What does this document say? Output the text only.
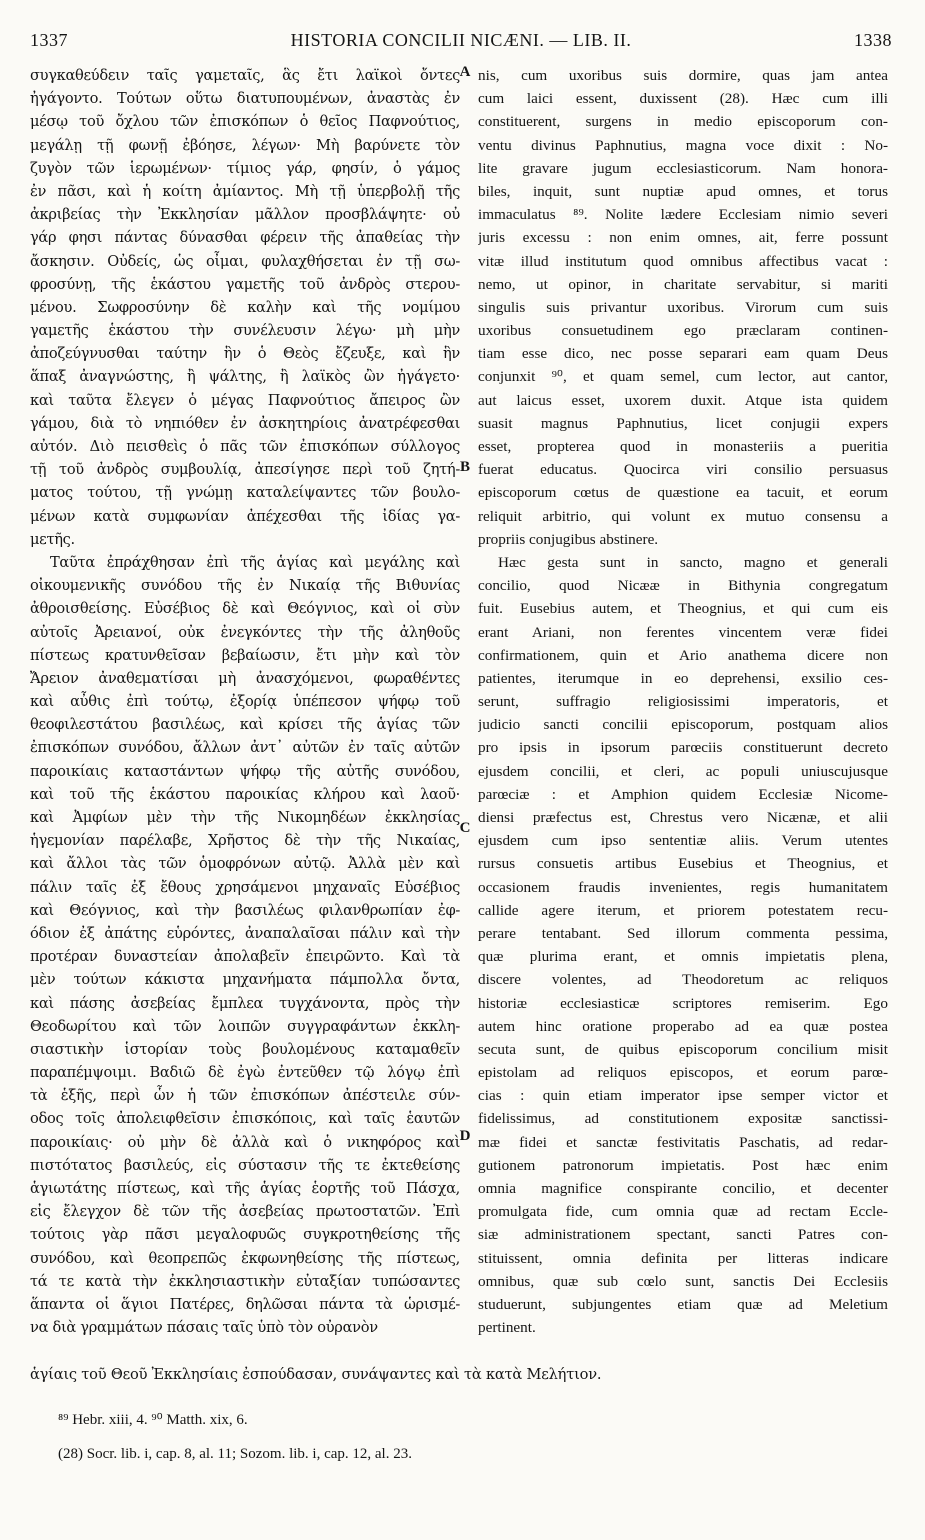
1337	HISTORIA CONCILII NICÆNI. — LIB. II.	1338
συγκαθεύδειν ταῖς γαμεταῖς, ἃς ἔτι λαϊκοὶ ὄντες
ἠγάγοντο. Τούτων οὕτω διατυπουμένων, ἀναστὰς ἐν
μέσῳ τοῦ ὄχλου τῶν ἐπισκόπων ὁ θεῖος Παφνούτιος,
μεγάλῃ τῇ φωνῇ ἐβόησε, λέγων· Μὴ βαρύνετε τὸν
ζυγὸν τῶν ἱερωμένων· τίμιος γάρ, φησίν, ὁ γάμος
ἐν πᾶσι, καὶ ἡ κοίτη ἀμίαντος. Μὴ τῇ ὑπερβολῇ τῆς
ἀκριβείας τὴν Ἐκκλησίαν μᾶλλον προσβλάψητε· οὐ
γάρ φησι πάντας δύνασθαι φέρειν τῆς ἀπαθείας τὴν
ἄσκησιν. Οὐδείς, ὡς οἶμαι, φυλαχθήσεται ἐν τῇ σω-
φροσύνῃ, τῆς ἑκάστου γαμετῆς τοῦ ἀνδρὸς στερου-
μένου. Σωφροσύνην δὲ καλὴν καὶ τῆς νομίμου
γαμετῆς ἑκάστου τὴν συνέλευσιν λέγω· μὴ μὴν
ἀποζεύγνυσθαι ταύτην ἣν ὁ Θεὸς ἔζευξε, καὶ ἣν
ἅπαξ ἀναγνώστης, ἢ ψάλτης, ἢ λαϊκὸς ὢν ἠγάγετο·
καὶ ταῦτα ἔλεγεν ὁ μέγας Παφνούτιος ἄπειρος ὢν
γάμου, διὰ τὸ νηπιόθεν ἐν ἀσκητηρίοις ἀνατρέφεσθαι
αὐτόν. Διὸ πεισθεὶς ὁ πᾶς τῶν ἐπισκόπων σύλλογος
τῇ τοῦ ἀνδρὸς συμβουλίᾳ, ἀπεσίγησε περὶ τοῦ ζητή-
ματος τούτου, τῇ γνώμῃ καταλείψαντες τῶν βουλο-
μένων κατὰ συμφωνίαν ἀπέχεσθαι τῆς ἰδίας γα-
μετῆς.
Ταῦτα ἐπράχθησαν ἐπὶ τῆς ἁγίας καὶ μεγάλης καὶ
οἰκουμενικῆς συνόδου τῆς ἐν Νικαίᾳ τῆς Βιθυνίας
ἀθροισθείσης. Εὐσέβιος δὲ καὶ Θεόγνιος, καὶ οἱ σὺν
αὐτοῖς Ἀρειανοί, οὐκ ἐνεγκόντες τὴν τῆς ἀληθοῦς
πίστεως κρατυνθεῖσαν βεβαίωσιν, ἔτι μὴν καὶ τὸν
Ἄρειον ἀναθεματίσαι μὴ ἀνασχόμενοι, φωραθέντες
καὶ αὖθις ἐπὶ τούτῳ, ἐξορίᾳ ὑπέπεσον ψήφῳ τοῦ
θεοφιλεστάτου βασιλέως, καὶ κρίσει τῆς ἁγίας τῶν
ἐπισκόπων συνόδου, ἄλλων ἀντ᾽ αὐτῶν ἐν ταῖς αὐτῶν
παροικίαις καταστάντων ψήφῳ τῆς αὐτῆς συνόδου,
καὶ τοῦ τῆς ἑκάστου παροικίας κλήρου καὶ λαοῦ·
καὶ Ἀμφίων μὲν τὴν τῆς Νικομηδέων ἐκκλησίας
ἡγεμονίαν παρέλαβε, Χρῆστος δὲ τὴν τῆς Νικαίας,
καὶ ἄλλοι τὰς τῶν ὁμοφρόνων αὐτῷ. Ἀλλὰ μὲν καὶ
πάλιν ταῖς ἐξ ἔθους χρησάμενοι μηχαναῖς Εὐσέβιος
καὶ Θεόγνιος, καὶ τὴν βασιλέως φιλανθρωπίαν ἐφ-
όδιον ἐξ ἀπάτης εὑρόντες, ἀναπαλαῖσαι πάλιν καὶ τὴν
προτέραν δυναστείαν ἀπολαβεῖν ἐπειρῶντο. Καὶ τὰ
μὲν τούτων κάκιστα μηχανήματα πάμπολλα ὄντα,
καὶ πάσης ἀσεβείας ἔμπλεα τυγχάνοντα, πρὸς τὴν
Θεοδωρίτου καὶ τῶν λοιπῶν συγγραφάντων ἐκκλη-
σιαστικὴν ἱστορίαν τοὺς βουλομένους καταμαθεῖν
παραπέμψοιμι. Βαδιῶ δὲ ἐγὼ ἐντεῦθεν τῷ λόγῳ ἐπὶ
τὰ ἑξῆς, περὶ ὧν ἡ τῶν ἐπισκόπων ἀπέστειλε σύν-
οδος τοῖς ἀπολειφθεῖσιν ἐπισκόποις, καὶ ταῖς ἑαυτῶν
παροικίαις· οὐ μὴν δὲ ἀλλὰ καὶ ὁ νικηφόρος καὶ
πιστότατος βασιλεύς, εἰς σύστασιν τῆς τε ἐκτεθείσης
ἁγιωτάτης πίστεως, καὶ τῆς ἁγίας ἑορτῆς τοῦ Πάσχα,
εἰς ἔλεγχον δὲ τῶν τῆς ἀσεβείας πρωτοστατῶν. Ἐπὶ
τούτοις γὰρ πᾶσι μεγαλοφυῶς συγκροτηθείσης τῆς
συνόδου, καὶ θεοπρεπῶς ἐκφωνηθείσης τῆς πίστεως,
τά τε κατὰ τὴν ἐκκλησιαστικὴν εὐταξίαν τυπώσαντες
ἅπαντα οἱ ἅγιοι Πατέρες, δηλῶσαι πάντα τὰ ὡρισμέ-
να διὰ γραμμάτων πάσαις ταῖς ὑπὸ τὸν οὐρανὸν
nis, cum uxoribus suis dormire, quas jam antea
cum laici essent, duxissent (28). Hæc cum illi
constituerent, surgens in medio episcoporum con-
ventu divinus Paphnutius, magna voce dixit : No-
lite gravare jugum ecclesiasticorum. Nam honora-
biles, inquit, sunt nuptiæ apud omnes, et torus
immaculatus ⁸⁹. Nolite lædere Ecclesiam nimio severi
juris excessu : non enim omnes, ait, ferre possunt
vitæ illud institutum quod omnibus affectibus vacat :
nemo, ut opinor, in charitate servabitur, si mariti
singulis suis privantur uxoribus. Virorum cum suis
uxoribus consuetudinem ego præclaram continen-
tiam esse dico, nec posse separari eam quam Deus
conjunxit ⁹⁰, et quam semel, cum lector, aut cantor,
aut laicus esset, uxorem duxit. Atque ista quidem
suasit magnus Paphnutius, licet conjugii expers
esset, propterea quod in monasteriis a pueritia
fuerat educatus. Quocirca viri consilio persuasus
episcoporum cœtus de quæstione ea tacuit, et eorum
reliquit arbitrio, qui volunt ex mutuo consensu a
propriis conjugibus abstinere.
Hæc gesta sunt in sancto, magno et generali
concilio, quod Nicææ in Bithynia congregatum
fuit. Eusebius autem, et Theognius, et qui cum eis
erant Ariani, non ferentes vincentem veræ fidei
confirmationem, quin et Ario anathema dicere non
patientes, iterumque in eo deprehensi, exsilio ces-
serunt, suffragio religiosissimi imperatoris, et
judicio sancti concilii episcoporum, postquam alios
pro ipsis in ipsorum parœciis constituerunt decreto
ejusdem concilii, et cleri, ac populi uniuscujusque
parœciæ : et Amphion quidem Ecclesiæ Nicome-
diensi præfectus est, Chrestus vero Nicænæ, et alii
ejusdem cum ipso sententiæ aliis. Verum utentes
rursus consuetis artibus Eusebius et Theognius, et
occasionem fraudis invenientes, regis humanitatem
callide agere iterum, et priorem potestatem recu-
perare tentabant. Sed illorum commenta pessima,
quæ plurima erant, et omnis impietatis plena,
discere volentes, ad Theodoretum ac reliquos
historiæ ecclesiasticæ scriptores remiserim. Ego
autem hinc oratione properabo ad ea quæ postea
secuta sunt, de quibus episcoporum concilium misit
epistolam ad reliquos episcopos, et eorum parœ-
cias : quin etiam imperator ipse semper victor et
fidelissimus, ad constitutionem expositæ sanctissi-
mæ fidei et sanctæ festivitatis Paschatis, ad redar-
gutionem patronorum impietatis. Post hæc enim
omnia magnifice conspirante concilio, et decenter
promulgata fide, cum omnia quæ ad rectam Eccle-
siæ administrationem spectant, sancti Patres con-
stituissent, omnia definita per litteras indicare
omnibus, quæ sub cœlo sunt, sanctis Dei Ecclesiis
studuerunt, subjungentes etiam quæ ad Meletium
pertinent.
A
B
C
D
ἁγίαις τοῦ Θεοῦ Ἐκκλησίαις ἐσπούδασαν, συνάψαντες καὶ τὰ κατὰ Μελήτιον.
⁸⁹ Hebr. xiii, 4. ⁹⁰ Matth. xix, 6.
(28) Socr. lib. i, cap. 8, al. 11; Sozom. lib. i, cap. 12, al. 23.
